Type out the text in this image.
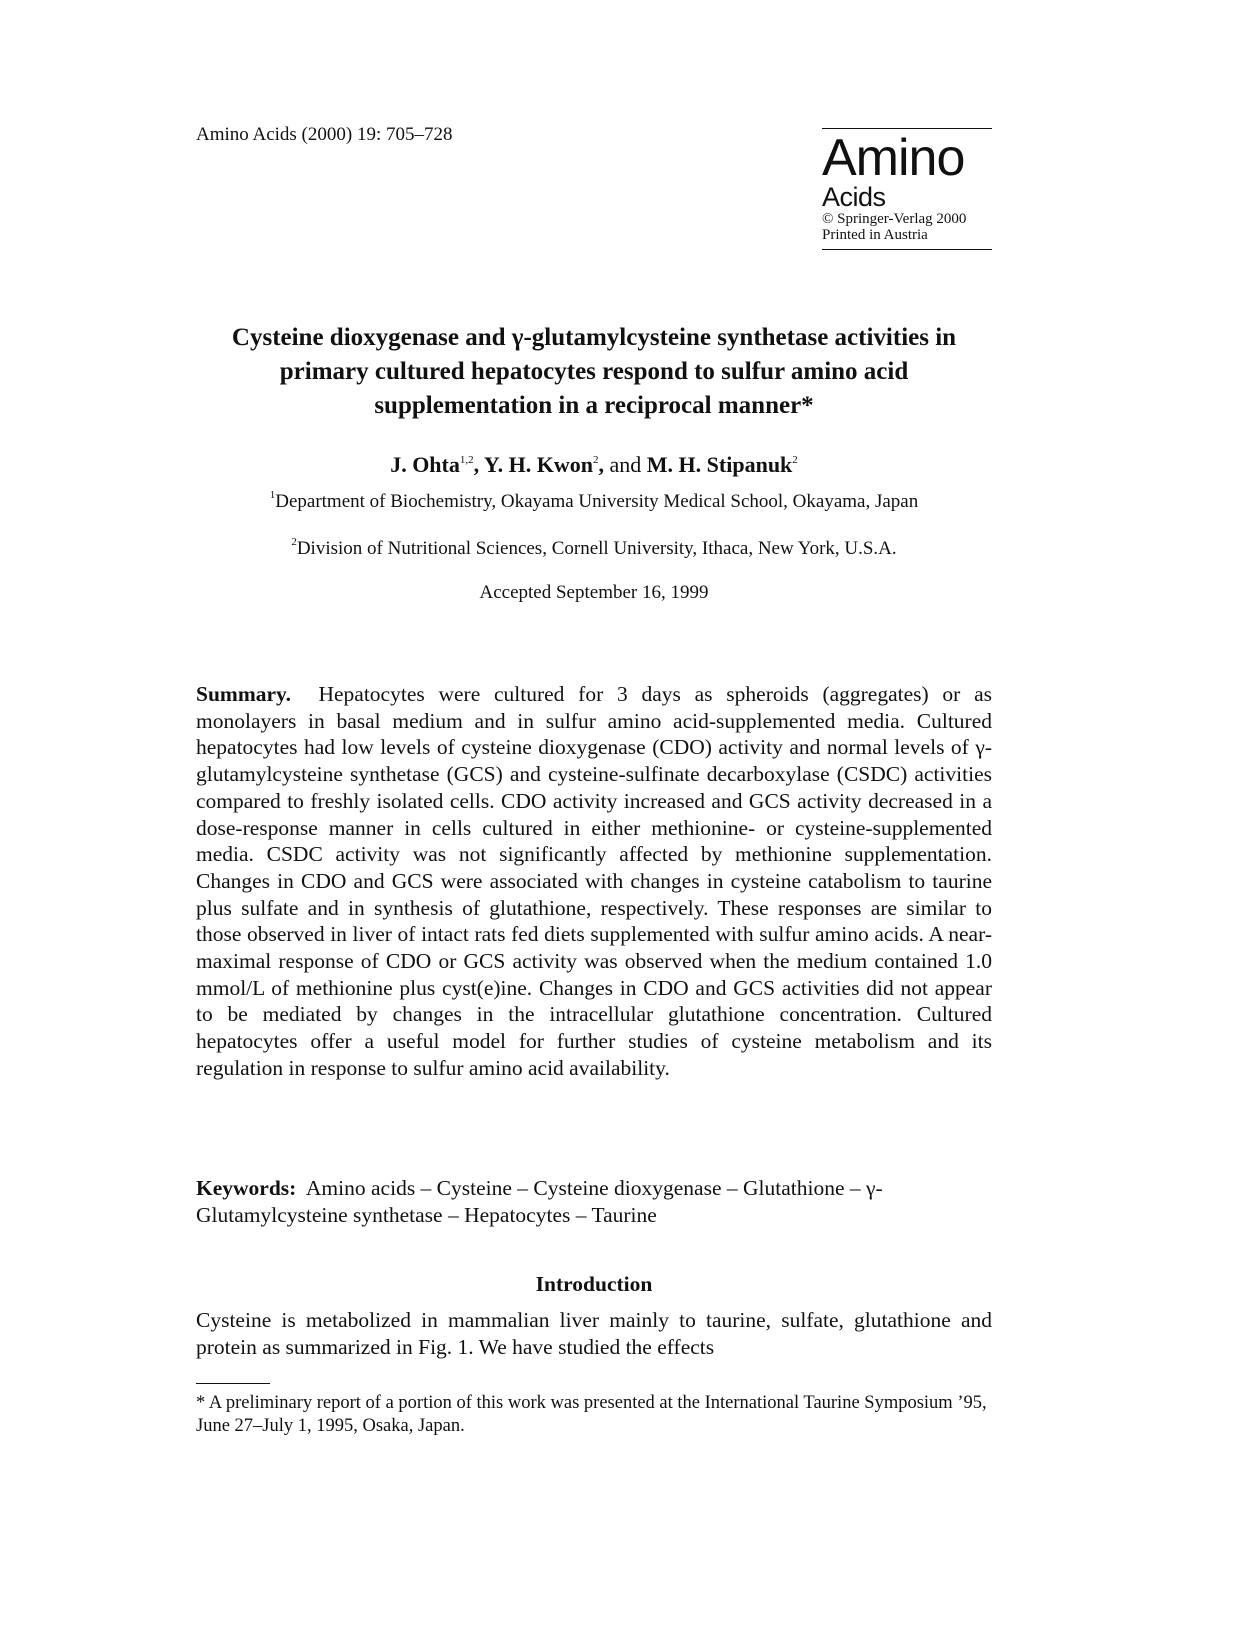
Amino Acids (2000) 19: 705–728	Amino
Acids
© Springer-Verlag 2000
Printed in Austria
Cysteine dioxygenase and γ-glutamylcysteine synthetase activities in primary cultured hepatocytes respond to sulfur amino acid supplementation in a reciprocal manner*
J. Ohta$^{1,2}$, Y. H. Kwon$^2$, and M. H. Stipanuk$^2$
$^1$Department of Biochemistry, Okayama University Medical School, Okayama, Japan
$^2$Division of Nutritional Sciences, Cornell University, Ithaca, New York, U.S.A.
Accepted September 16, 1999
Summary. Hepatocytes were cultured for 3 days as spheroids (aggregates) or as monolayers in basal medium and in sulfur amino acid-supplemented media. Cultured hepatocytes had low levels of cysteine dioxygenase (CDO) activity and normal levels of γ-glutamylcysteine synthetase (GCS) and cysteine-sulfinate decarboxylase (CSDC) activities compared to freshly isolated cells. CDO activity increased and GCS activity decreased in a dose-response manner in cells cultured in either methionine- or cysteine-supplemented media. CSDC activity was not significantly affected by methionine supplementation. Changes in CDO and GCS were associated with changes in cysteine catabolism to taurine plus sulfate and in synthesis of glutathione, respectively. These responses are similar to those observed in liver of intact rats fed diets supplemented with sulfur amino acids. A near-maximal response of CDO or GCS activity was observed when the medium contained 1.0 mmol/L of methionine plus cyst(e)ine. Changes in CDO and GCS activities did not appear to be mediated by changes in the intracellular glutathione concentration. Cultured hepatocytes offer a useful model for further studies of cysteine metabolism and its regulation in response to sulfur amino acid availability.
Keywords: Amino acids – Cysteine – Cysteine dioxygenase – Glutathione – γ-Glutamylcysteine synthetase – Hepatocytes – Taurine
Introduction
Cysteine is metabolized in mammalian liver mainly to taurine, sulfate, glutathione and protein as summarized in Fig. 1. We have studied the effects
* A preliminary report of a portion of this work was presented at the International Taurine Symposium ’95, June 27–July 1, 1995, Osaka, Japan.
